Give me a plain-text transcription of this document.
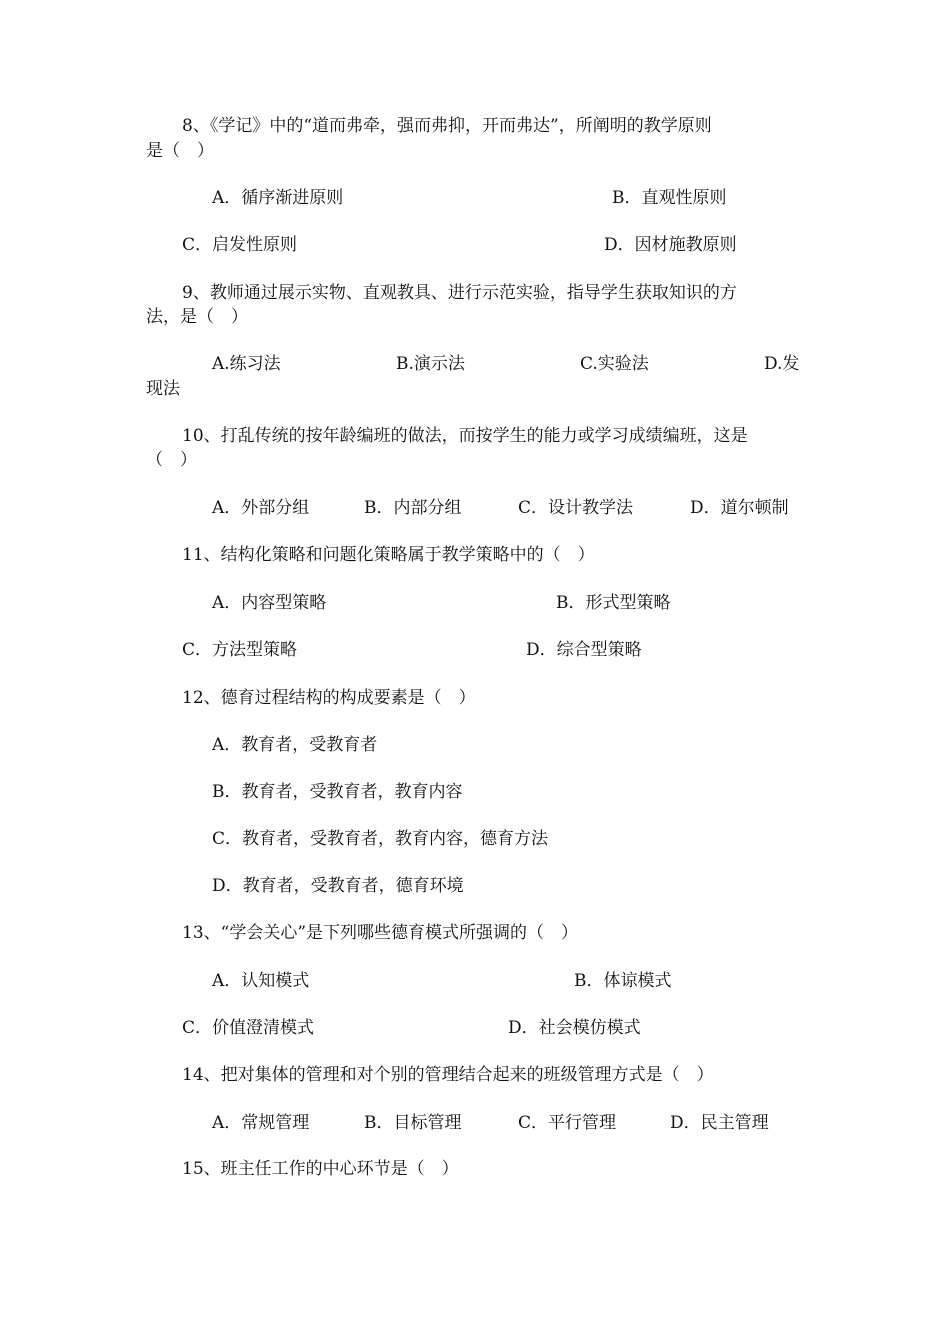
8、《学记》中的“道而弗牵，强而弗抑，开而弗达”，所阐明的教学原则
是（　）
A．循序渐进原则	B．直观性原则
C．启发性原则	D．因材施教原则
9、教师通过展示实物、直观教具、进行示范实验，指导学生获取知识的方
法，是（　）
A.练习法	B.演示法	C.实验法	D.发
现法
10、打乱传统的按年龄编班的做法，而按学生的能力或学习成绩编班，这是
（　）
A．外部分组	B．内部分组	C．设计教学法	D．道尔顿制
11、结构化策略和问题化策略属于教学策略中的（　）
A．内容型策略	B．形式型策略
C．方法型策略	D．综合型策略
12、德育过程结构的构成要素是（　）
A．教育者，受教育者
B．教育者，受教育者，教育内容
C．教育者，受教育者，教育内容，德育方法
D．教育者，受教育者，德育环境
13、“学会关心”是下列哪些德育模式所强调的（　）
A．认知模式	B．体谅模式
C．价值澄清模式	D．社会模仿模式
14、把对集体的管理和对个别的管理结合起来的班级管理方式是（　）
A．常规管理	B．目标管理	C．平行管理	D．民主管理
15、班主任工作的中心环节是（　）
